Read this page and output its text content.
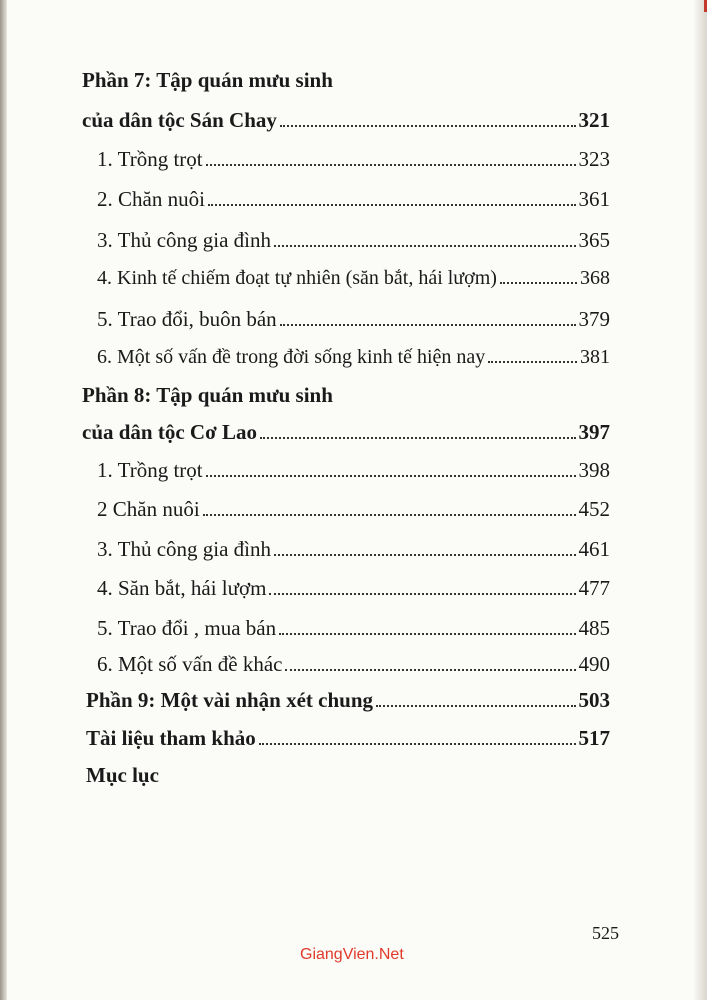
Phần 7: Tập quán mưu sinh
của dân tộc Sán Chay	321
1. Trồng trọt	323
2. Chăn nuôi	361
3. Thủ công gia đình	365
4. Kinh tế chiếm đoạt tự nhiên (săn bắt, hái lượm)	368
5. Trao đổi, buôn bán	379
6. Một số vấn đề trong đời sống kinh tế hiện nay	381
Phần 8: Tập quán mưu sinh
của dân tộc Cơ Lao	397
1. Trồng trọt	398
2 Chăn nuôi	452
3. Thủ công gia đình	461
4. Săn bắt, hái lượm	477
5. Trao đổi , mua bán	485
6. Một số vấn đề khác	490
Phần 9: Một vài nhận xét chung	503
Tài liệu tham khảo	517
Mục lục
525
GiangVien.Net
